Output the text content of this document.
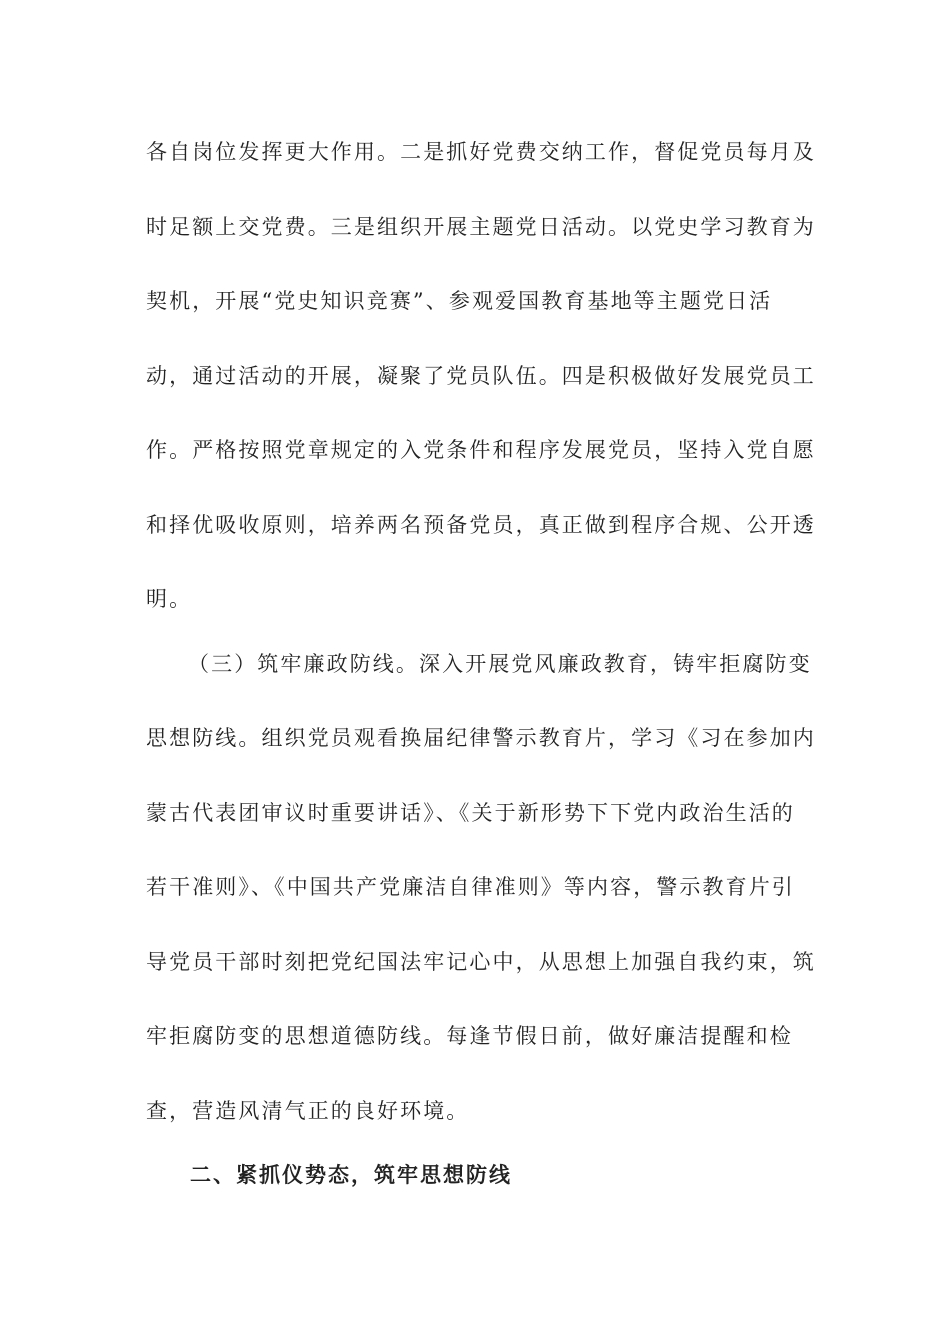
各自岗位发挥更大作用。二是抓好党费交纳工作，督促党员每月及
时足额上交党费。三是组织开展主题党日活动。以党史学习教育为
契机，开展“党史知识竞赛”、参观爱国教育基地等主题党日活
动，通过活动的开展，凝聚了党员队伍。四是积极做好发展党员工
作。严格按照党章规定的入党条件和程序发展党员，坚持入党自愿
和择优吸收原则，培养两名预备党员，真正做到程序合规、公开透
明。
（三）筑牢廉政防线。深入开展党风廉政教育，铸牢拒腐防变
思想防线。组织党员观看换届纪律警示教育片，学习《习在参加内
蒙古代表团审议时重要讲话》、《关于新形势下下党内政治生活的
若干准则》、《中国共产党廉洁自律准则》等内容，警示教育片引
导党员干部时刻把党纪国法牢记心中，从思想上加强自我约束，筑
牢拒腐防变的思想道德防线。每逢节假日前，做好廉洁提醒和检
查，营造风清气正的良好环境。
二、紧抓仪势态，筑牢思想防线
